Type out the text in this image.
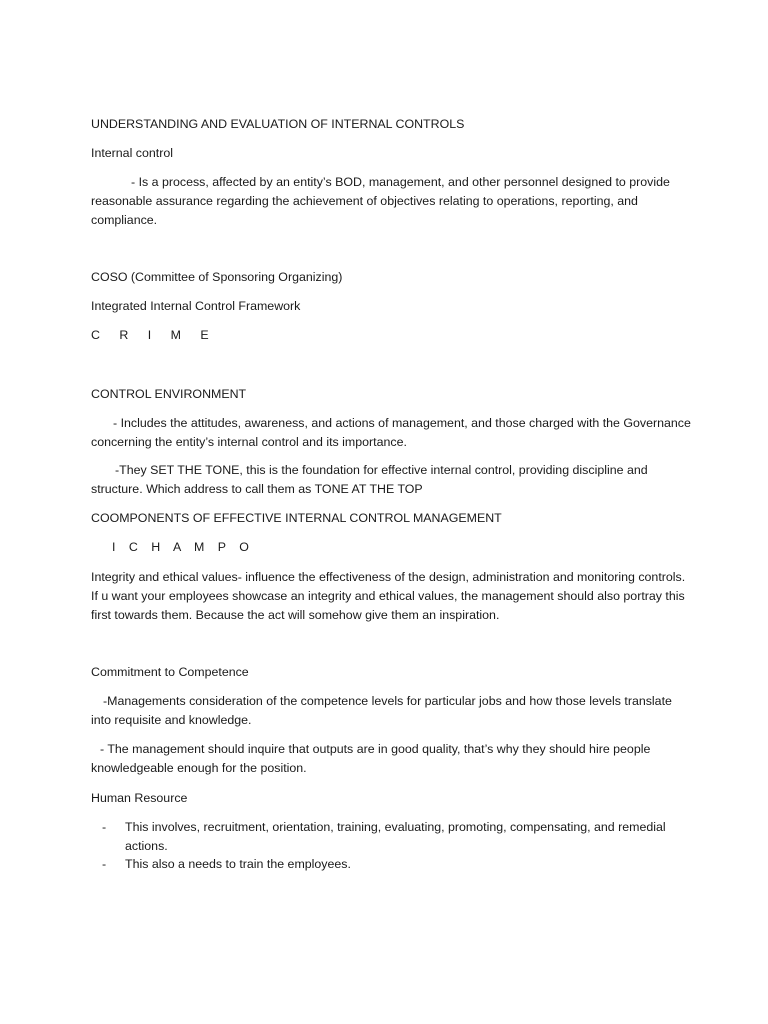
UNDERSTANDING AND EVALUATION OF INTERNAL CONTROLS

Internal control

- Is a process, affected by an entity’s BOD, management, and other personnel designed to provide reasonable assurance regarding the achievement of objectives relating to operations, reporting, and compliance.

COSO (Committee of Sponsoring Organizing)

Integrated Internal Control Framework

C R I M E

CONTROL ENVIRONMENT

- Includes the attitudes, awareness, and actions of management, and those charged with the Governance concerning the entity’s internal control and its importance.

-They SET THE TONE, this is the foundation for effective internal control, providing discipline and structure. Which address to call them as TONE AT THE TOP

COOMPONENTS OF EFFECTIVE INTERNAL CONTROL MANAGEMENT

I C H A M P O

Integrity and ethical values- influence the effectiveness of the design, administration and monitoring controls. If u want your employees showcase an integrity and ethical values, the management should also portray this first towards them. Because the act will somehow give them an inspiration.

Commitment to Competence

-Managements consideration of the competence levels for particular jobs and how those levels translate into requisite and knowledge.

- The management should inquire that outputs are in good quality, that’s why they should hire people knowledgeable enough for the position.

Human Resource

- This involves, recruitment, orientation, training, evaluating, promoting, compensating, and remedial actions.
- This also a needs to train the employees.
